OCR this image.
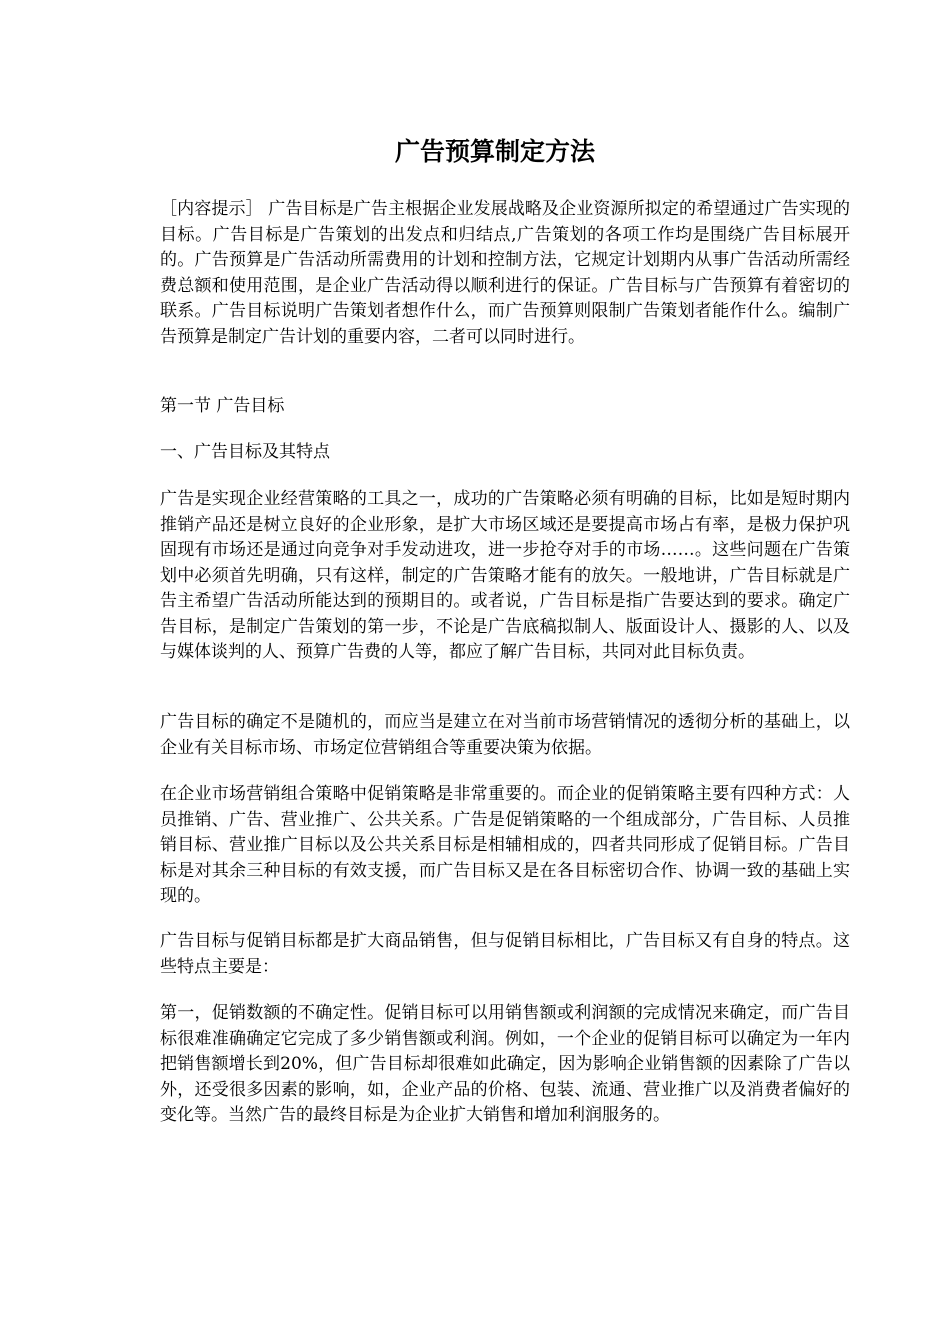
广告预算制定方法

［内容提示］ 广告目标是广告主根据企业发展战略及企业资源所拟定的希望通过广告实现的目标。广告目标是广告策划的出发点和归结点,广告策划的各项工作均是围绕广告目标展开的。广告预算是广告活动所需费用的计划和控制方法，它规定计划期内从事广告活动所需经费总额和使用范围，是企业广告活动得以顺利进行的保证。广告目标与广告预算有着密切的联系。广告目标说明广告策划者想作什么，而广告预算则限制广告策划者能作什么。编制广告预算是制定广告计划的重要内容，二者可以同时进行。

第一节 广告目标

一、广告目标及其特点

广告是实现企业经营策略的工具之一，成功的广告策略必须有明确的目标，比如是短时期内推销产品还是树立良好的企业形象，是扩大市场区域还是要提高市场占有率，是极力保护巩固现有市场还是通过向竞争对手发动进攻，进一步抢夺对手的市场……。这些问题在广告策划中必须首先明确，只有这样，制定的广告策略才能有的放矢。一般地讲，广告目标就是广告主希望广告活动所能达到的预期目的。或者说，广告目标是指广告要达到的要求。确定广告目标，是制定广告策划的第一步，不论是广告底稿拟制人、版面设计人、摄影的人、以及与媒体谈判的人、预算广告费的人等，都应了解广告目标，共同对此目标负责。

广告目标的确定不是随机的，而应当是建立在对当前市场营销情况的透彻分析的基础上，以企业有关目标市场、市场定位营销组合等重要决策为依据。

在企业市场营销组合策略中促销策略是非常重要的。而企业的促销策略主要有四种方式：人员推销、广告、营业推广、公共关系。广告是促销策略的一个组成部分，广告目标、人员推销目标、营业推广目标以及公共关系目标是相辅相成的，四者共同形成了促销目标。广告目标是对其余三种目标的有效支援，而广告目标又是在各目标密切合作、协调一致的基础上实现的。

广告目标与促销目标都是扩大商品销售，但与促销目标相比，广告目标又有自身的特点。这些特点主要是：

第一，促销数额的不确定性。促销目标可以用销售额或利润额的完成情况来确定，而广告目标很难准确确定它完成了多少销售额或利润。例如，一个企业的促销目标可以确定为一年内把销售额增长到20%，但广告目标却很难如此确定，因为影响企业销售额的因素除了广告以外，还受很多因素的影响，如，企业产品的价格、包装、流通、营业推广以及消费者偏好的变化等。当然广告的最终目标是为企业扩大销售和增加利润服务的。
